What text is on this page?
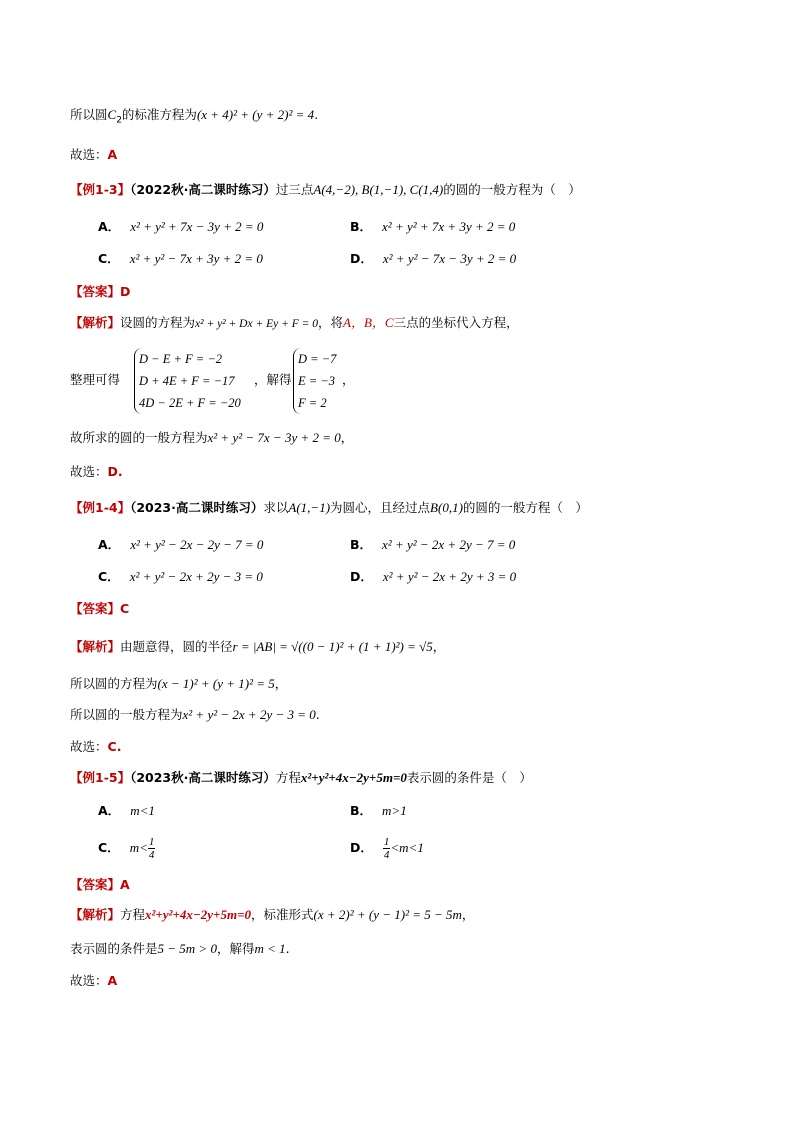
所以圆$C_2$的标准方程为(x + 4)² + (y + 2)² = 4.
故选：A
【例1-3】（2022秋·高二课时练习）过三点A(4,−2), B(1,−1), C(1,4)的圆的一般方程为（　）
A． x² + y² + 7x − 3y + 2 = 0	B． x² + y² + 7x + 3y + 2 = 0
C． x² + y² − 7x + 3y + 2 = 0	D． x² + y² − 7x − 3y + 2 = 0
【答案】D
【解析】设圆的方程为x² + y² + Dx + Ey + F = 0，将A，B，C三点的坐标代入方程，
整理可得
D − E + F = −2
D + 4E + F = −17
4D − 2E + F = −20
，解得
D = −7
E = −3
F = 2
，
故所求的圆的一般方程为x² + y² − 7x − 3y + 2 = 0，
故选：D.
【例1-4】（2023·高二课时练习）求以A(1,−1)为圆心，且经过点B(0,1)的圆的一般方程（　）
A． x² + y² − 2x − 2y − 7 = 0	B． x² + y² − 2x + 2y − 7 = 0
C． x² + y² − 2x + 2y − 3 = 0	D． x² + y² − 2x + 2y + 3 = 0
【答案】C
【解析】由题意得，圆的半径r = |AB| = √((0 − 1)² + (1 + 1)²) = √5，
所以圆的方程为(x − 1)² + (y + 1)² = 5，
所以圆的一般方程为x² + y² − 2x + 2y − 3 = 0.
故选：C.
【例1-5】（2023秋·高二课时练习）方程x²+y²+4x−2y+5m=0表示圆的条件是（　）
A． m<1	B． m>1
C． $m< \frac{1}{4}$	D． $\frac{1}{4} <m<1$
【答案】A
【解析】方程x²+y²+4x−2y+5m=0，标准形式(x + 2)² + (y − 1)² = 5 − 5m，
表示圆的条件是5 − 5m > 0，解得m < 1.
故选：A
